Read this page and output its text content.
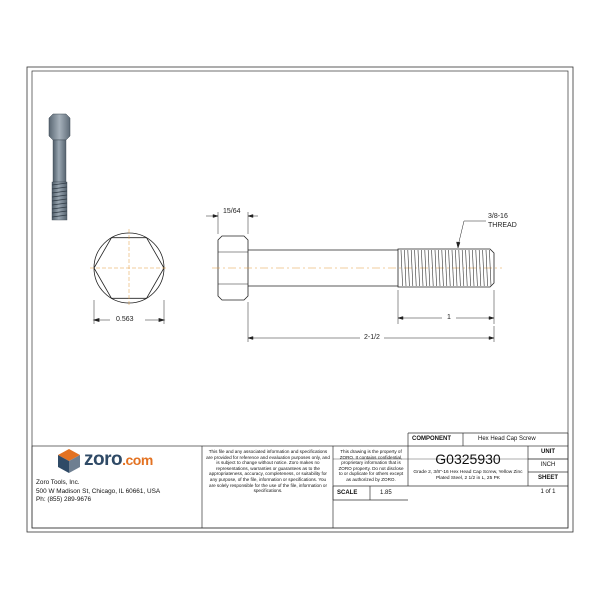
15/64
3/8-16
THREAD
0.563	1
2-1/2
zoro.com
Zoro Tools, Inc.
500 W Madison St, Chicago, IL 60661, USA
Ph: (855) 289-9676
This file and any associated information and specifications are provided for reference and evaluation purposes only, and is subject to change without notice. Zoro makes no representations, warranties or guarantees as to the appropriateness, accuracy, completeness, or suitability for any purpose, of the file, information or specifications. You are solely responsible for the use of the file, information or specifications.
This drawing is the property of ZORO. It contains confidential, proprietary information that is ZORO property. Do not disclose to or duplicate for others except as authorized by ZORO.
COMPONENT	Hex Head Cap Screw
G0325930
Grade 2, 3/8"-16 Hex Head Cap Screw, Yellow Zinc Plated Steel, 2 1/2 in L, 25 PK
UNIT
INCH
SHEET
1 of 1
SCALE	1.85
